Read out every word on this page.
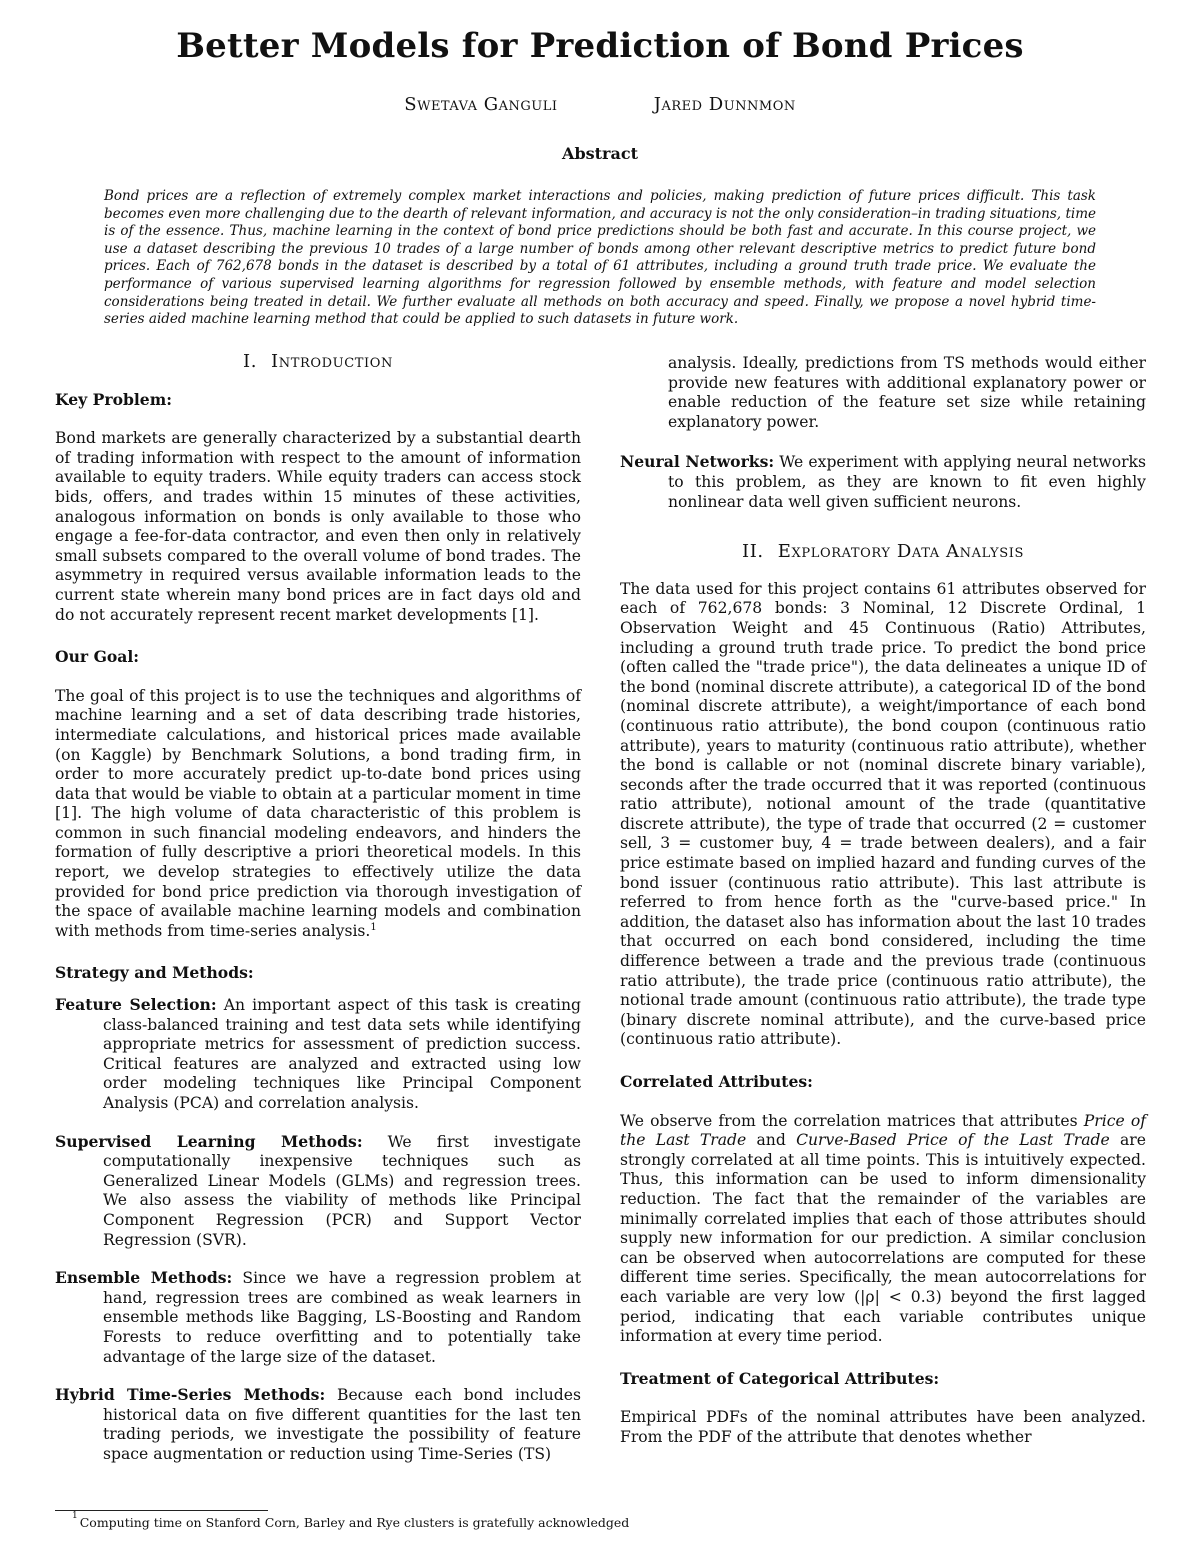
Better Models for Prediction of Bond Prices
Swetava Ganguli	Jared Dunnmon
Abstract
Bond prices are a reflection of extremely complex market interactions and policies, making prediction of future prices difficult. This task becomes even more challenging due to the dearth of relevant information, and accuracy is not the only consideration–in trading situations, time is of the essence. Thus, machine learning in the context of bond price predictions should be both fast and accurate. In this course project, we use a dataset describing the previous 10 trades of a large number of bonds among other relevant descriptive metrics to predict future bond prices. Each of 762,678 bonds in the dataset is described by a total of 61 attributes, including a ground truth trade price. We evaluate the performance of various supervised learning algorithms for regression followed by ensemble methods, with feature and model selection considerations being treated in detail. We further evaluate all methods on both accuracy and speed. Finally, we propose a novel hybrid time-series aided machine learning method that could be applied to such datasets in future work.
I. Introduction
Key Problem:
Bond markets are generally characterized by a substantial dearth of trading information with respect to the amount of information available to equity traders. While equity traders can access stock bids, offers, and trades within 15 minutes of these activities, analogous information on bonds is only available to those who engage a fee-for-data contractor, and even then only in relatively small subsets compared to the overall volume of bond trades. The asymmetry in required versus available information leads to the current state wherein many bond prices are in fact days old and do not accurately represent recent market developments [1].
Our Goal:
The goal of this project is to use the techniques and algorithms of machine learning and a set of data describing trade histories, intermediate calculations, and historical prices made available (on Kaggle) by Benchmark Solutions, a bond trading firm, in order to more accurately predict up-to-date bond prices using data that would be viable to obtain at a particular moment in time [1]. The high volume of data characteristic of this problem is common in such financial modeling endeavors, and hinders the formation of fully descriptive a priori theoretical models. In this report, we develop strategies to effectively utilize the data provided for bond price prediction via thorough investigation of the space of available machine learning models and combination with methods from time-series analysis.$^1$
Strategy and Methods:
Feature Selection: An important aspect of this task is creating class-balanced training and test data sets while identifying appropriate metrics for assessment of prediction success. Critical features are analyzed and extracted using low order modeling techniques like Principal Component Analysis (PCA) and correlation analysis.
Supervised Learning Methods: We first investigate computationally inexpensive techniques such as Generalized Linear Models (GLMs) and regression trees. We also assess the viability of methods like Principal Component Regression (PCR) and Support Vector Regression (SVR).
Ensemble Methods: Since we have a regression problem at hand, regression trees are combined as weak learners in ensemble methods like Bagging, LS-Boosting and Random Forests to reduce overfitting and to potentially take advantage of the large size of the dataset.
Hybrid Time-Series Methods: Because each bond includes historical data on five different quantities for the last ten trading periods, we investigate the possibility of feature space augmentation or reduction using Time-Series (TS)
analysis. Ideally, predictions from TS methods would either provide new features with additional explanatory power or enable reduction of the feature set size while retaining explanatory power.
Neural Networks: We experiment with applying neural networks to this problem, as they are known to fit even highly nonlinear data well given sufficient neurons.
II. Exploratory Data Analysis
The data used for this project contains 61 attributes observed for each of 762,678 bonds: 3 Nominal, 12 Discrete Ordinal, 1 Observation Weight and 45 Continuous (Ratio) Attributes, including a ground truth trade price. To predict the bond price (often called the "trade price"), the data delineates a unique ID of the bond (nominal discrete attribute), a categorical ID of the bond (nominal discrete attribute), a weight/importance of each bond (continuous ratio attribute), the bond coupon (continuous ratio attribute), years to maturity (continuous ratio attribute), whether the bond is callable or not (nominal discrete binary variable), seconds after the trade occurred that it was reported (continuous ratio attribute), notional amount of the trade (quantitative discrete attribute), the type of trade that occurred (2 = customer sell, 3 = customer buy, 4 = trade between dealers), and a fair price estimate based on implied hazard and funding curves of the bond issuer (continuous ratio attribute). This last attribute is referred to from hence forth as the "curve-based price." In addition, the dataset also has information about the last 10 trades that occurred on each bond considered, including the time difference between a trade and the previous trade (continuous ratio attribute), the trade price (continuous ratio attribute), the notional trade amount (continuous ratio attribute), the trade type (binary discrete nominal attribute), and the curve-based price (continuous ratio attribute).
Correlated Attributes:
We observe from the correlation matrices that attributes Price of the Last Trade and Curve-Based Price of the Last Trade are strongly correlated at all time points. This is intuitively expected. Thus, this information can be used to inform dimensionality reduction. The fact that the remainder of the variables are minimally correlated implies that each of those attributes should supply new information for our prediction. A similar conclusion can be observed when autocorrelations are computed for these different time series. Specifically, the mean autocorrelations for each variable are very low (|ρ| < 0.3) beyond the first lagged period, indicating that each variable contributes unique information at every time period.
Treatment of Categorical Attributes:
Empirical PDFs of the nominal attributes have been analyzed. From the PDF of the attribute that denotes whether
$^1$ Computing time on Stanford Corn, Barley and Rye clusters is gratefully acknowledged
